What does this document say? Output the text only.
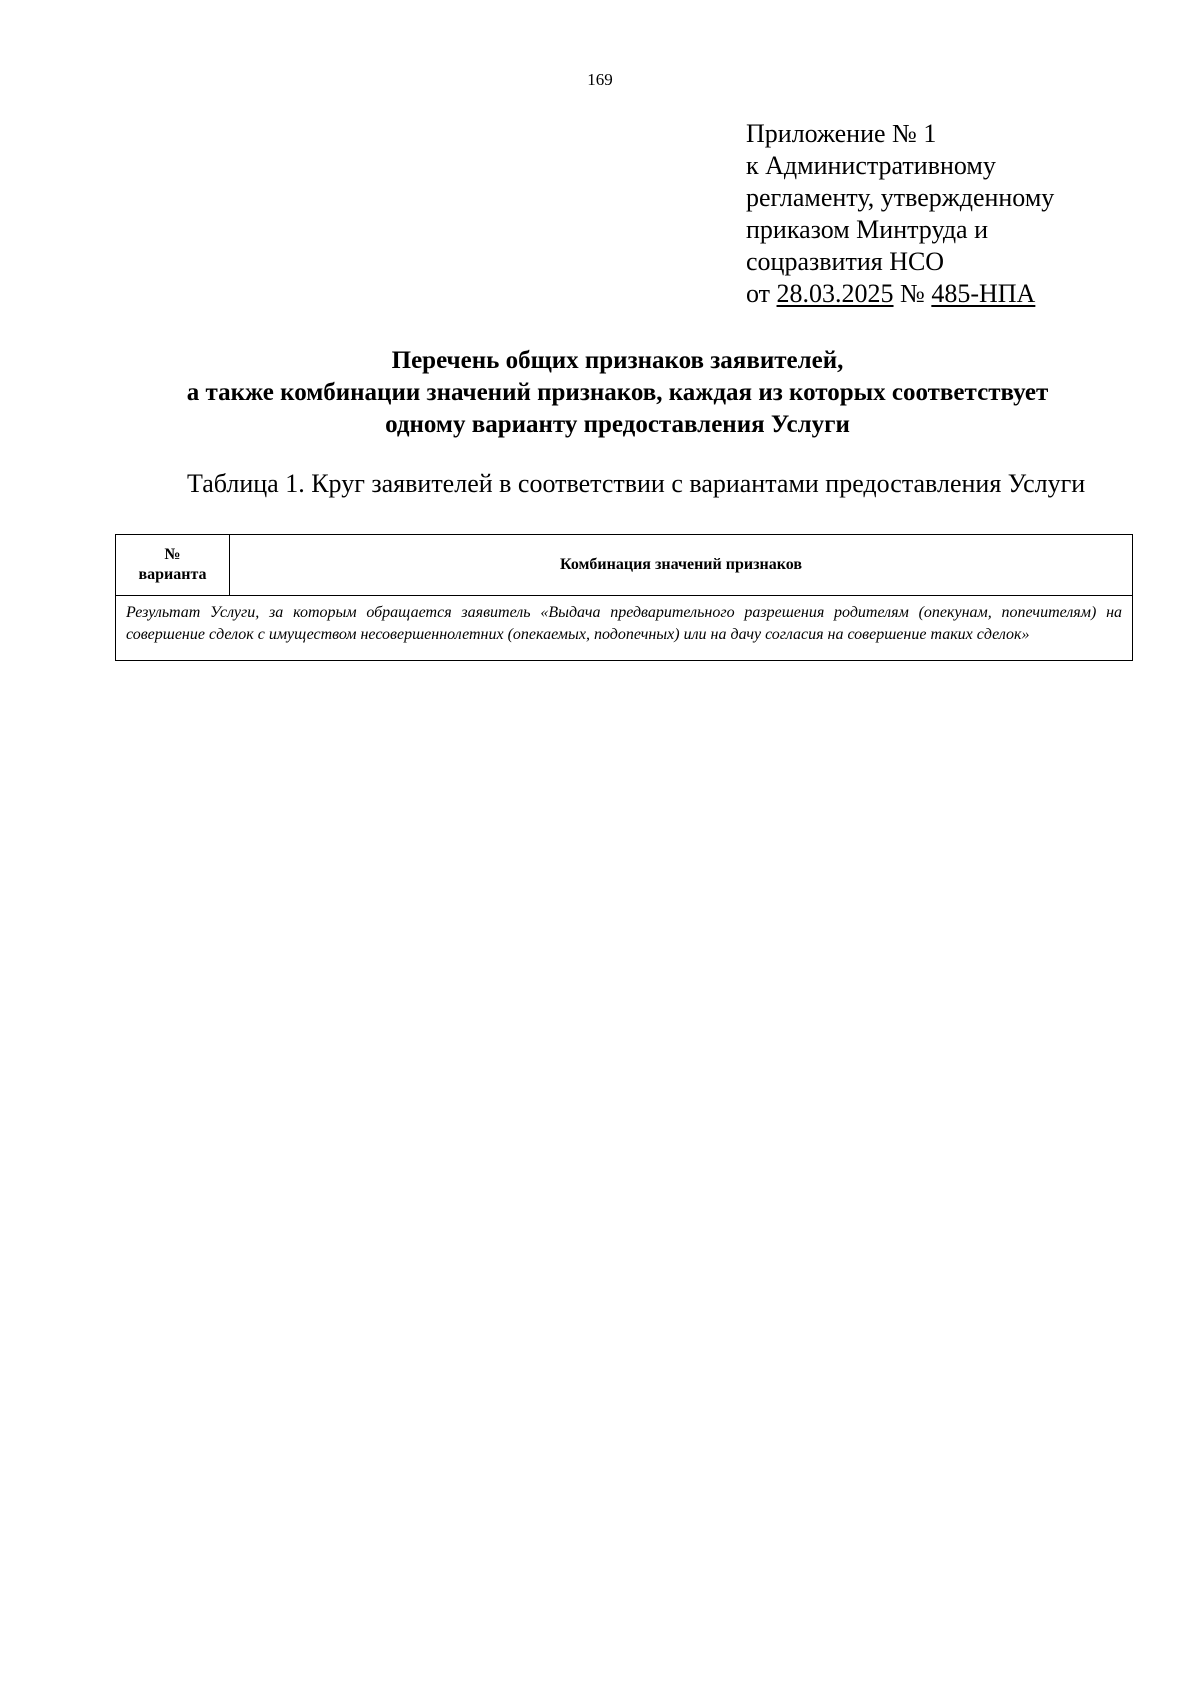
169
Приложение № 1
к Административному
регламенту, утвержденному
приказом Минтруда и
соцразвития НСО
от 28.03.2025 № 485-НПА
Перечень общих признаков заявителей,
а также комбинации значений признаков, каждая из которых соответствует
одному варианту предоставления Услуги
Таблица 1. Круг заявителей в соответствии с вариантами предоставления Услуги
№
варианта	Комбинация значений признаков
Результат Услуги, за которым обращается заявитель «Выдача предварительного разрешения родителям (опекунам, попечителям) на совершение сделок с имуществом несовершеннолетних (опекаемых, подопечных) или на дачу согласия на совершение таких сделок»
